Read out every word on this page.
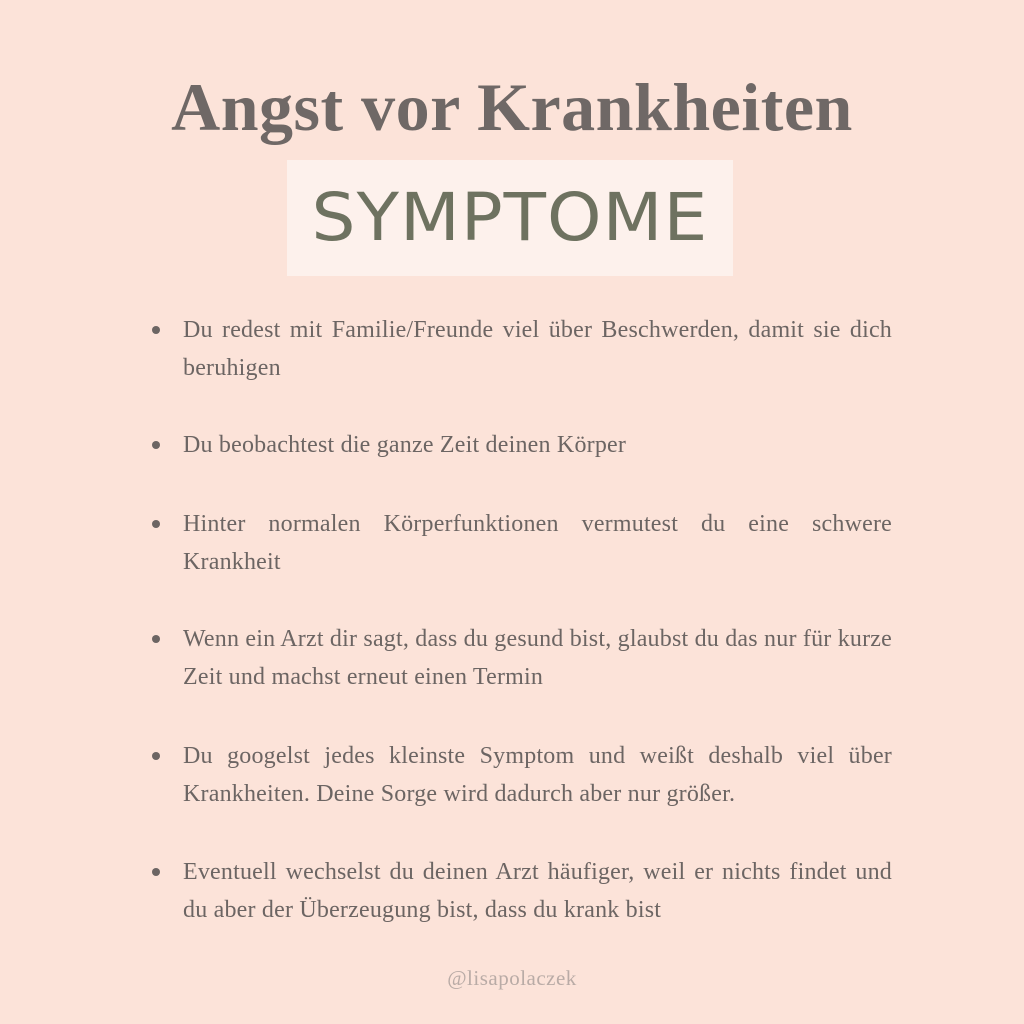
Angst vor Krankheiten
SYMPTOME
Du redest mit Familie/Freunde viel über Beschwerden, damit sie dich beruhigen
Du beobachtest die ganze Zeit deinen Körper
Hinter normalen Körperfunktionen vermutest du eine schwere Krankheit
Wenn ein Arzt dir sagt, dass du gesund bist, glaubst du das nur für kurze Zeit und machst erneut einen Termin
Du googelst jedes kleinste Symptom und weißt deshalb viel über Krankheiten. Deine Sorge wird dadurch aber nur größer.
Eventuell wechselst du deinen Arzt häufiger, weil er nichts findet und du aber der Überzeugung bist, dass du krank bist
@lisapolaczek
